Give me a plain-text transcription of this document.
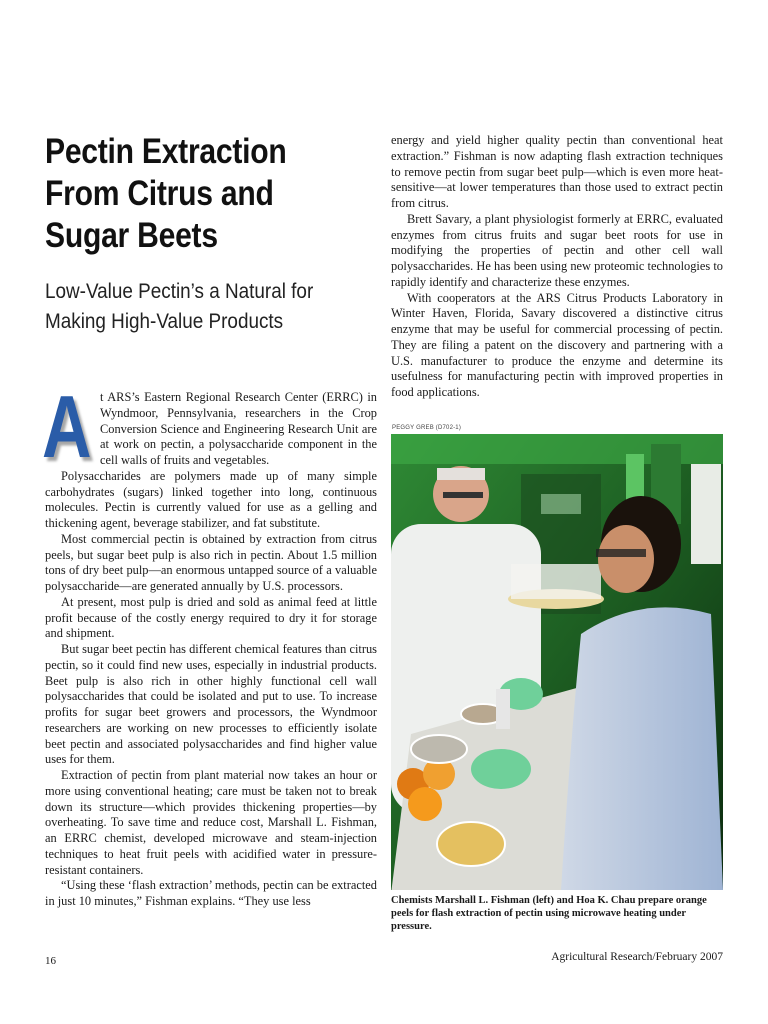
Pectin Extraction From Citrus and Sugar Beets
Low-Value Pectin’s a Natural for Making High-Value Products
A t ARS’s Eastern Regional Research Center (ERRC) in Wyndmoor, Pennsylvania, researchers in the Crop Conversion Science and Engineering Research Unit are at work on pectin, a polysaccharide component in the cell walls of fruits and vegetables.

Polysaccharides are polymers made up of many simple carbohydrates (sugars) linked together into long, continuous molecules. Pectin is currently valued for use as a gelling and thickening agent, beverage stabilizer, and fat substitute.

Most commercial pectin is obtained by extraction from citrus peels, but sugar beet pulp is also rich in pectin. About 1.5 million tons of dry beet pulp—an enormous untapped source of a valuable polysaccharide—are generated annually by U.S. processors.

At present, most pulp is dried and sold as animal feed at little profit because of the costly energy required to dry it for storage and shipment.

But sugar beet pectin has different chemical features than citrus pectin, so it could find new uses, especially in industrial products. Beet pulp is also rich in other highly functional cell wall polysaccharides that could be isolated and put to use. To increase profits for sugar beet growers and processors, the Wyndmoor researchers are working on new processes to efficiently isolate beet pectin and associated polysaccharides and find higher value uses for them.

Extraction of pectin from plant material now takes an hour or more using conventional heating; care must be taken not to break down its structure—which provides thickening properties—by overheating. To save time and reduce cost, Marshall L. Fishman, an ERRC chemist, developed microwave and steam-injection techniques to heat fruit peels with acidified water in pressure-resistant containers.

“Using these ‘flash extraction’ methods, pectin can be extracted in just 10 minutes,” Fishman explains. “They use less

energy and yield higher quality pectin than conventional heat extraction.” Fishman is now adapting flash extraction techniques to remove pectin from sugar beet pulp—which is even more heat-sensitive—at lower temperatures than those used to extract pectin from citrus.

Brett Savary, a plant physiologist formerly at ERRC, evaluated enzymes from citrus fruits and sugar beet roots for use in modifying the properties of pectin and other cell wall polysaccharides. He has been using new proteomic technologies to rapidly identify and characterize these enzymes.

With cooperators at the ARS Citrus Products Laboratory in Winter Haven, Florida, Savary discovered a distinctive citrus enzyme that may be useful for commercial processing of pectin. They are filing a patent on the discovery and partnering with a U.S. manufacturer to produce the enzyme and determine its usefulness for manufacturing pectin with improved properties in food applications.

PEGGY GREB (D702-1)
Chemists Marshall L. Fishman (left) and Hoa K. Chau prepare orange peels for flash extraction of pectin using microwave heating under pressure.
16	Agricultural Research/February 2007
